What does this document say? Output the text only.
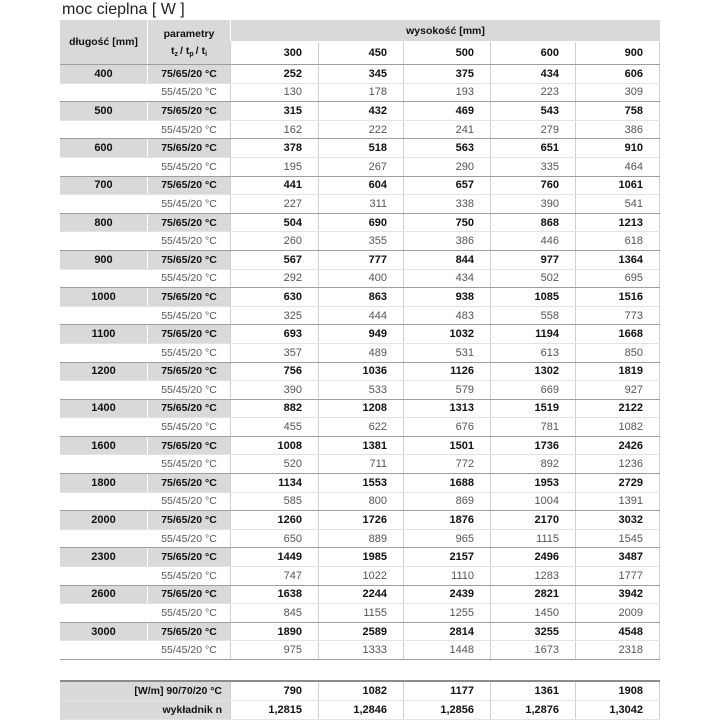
moc cieplna [ W ]
długość [mm]
parametry
$t_z / t_p / t_i$
wysokość [mm]
300	450	500	600	900
400	75/65/20 °C	252	345	375	434	606
55/45/20 °C	130	178	193	223	309
500	75/65/20 °C	315	432	469	543	758
55/45/20 °C	162	222	241	279	386
600	75/65/20 °C	378	518	563	651	910
55/45/20 °C	195	267	290	335	464
700	75/65/20 °C	441	604	657	760	1061
55/45/20 °C	227	311	338	390	541
800	75/65/20 °C	504	690	750	868	1213
55/45/20 °C	260	355	386	446	618
900	75/65/20 °C	567	777	844	977	1364
55/45/20 °C	292	400	434	502	695
1000	75/65/20 °C	630	863	938	1085	1516
55/45/20 °C	325	444	483	558	773
1100	75/65/20 °C	693	949	1032	1194	1668
55/45/20 °C	357	489	531	613	850
1200	75/65/20 °C	756	1036	1126	1302	1819
55/45/20 °C	390	533	579	669	927
1400	75/65/20 °C	882	1208	1313	1519	2122
55/45/20 °C	455	622	676	781	1082
1600	75/65/20 °C	1008	1381	1501	1736	2426
55/45/20 °C	520	711	772	892	1236
1800	75/65/20 °C	1134	1553	1688	1953	2729
55/45/20 °C	585	800	869	1004	1391
2000	75/65/20 °C	1260	1726	1876	2170	3032
55/45/20 °C	650	889	965	1115	1545
2300	75/65/20 °C	1449	1985	2157	2496	3487
55/45/20 °C	747	1022	1110	1283	1777
2600	75/65/20 °C	1638	2244	2439	2821	3942
55/45/20 °C	845	1155	1255	1450	2009
3000	75/65/20 °C	1890	2589	2814	3255	4548
55/45/20 °C	975	1333	1448	1673	2318
[W/m] 90/70/20 °C	790	1082	1177	1361	1908
wykładnik n	1,2815	1,2846	1,2856	1,2876	1,3042
